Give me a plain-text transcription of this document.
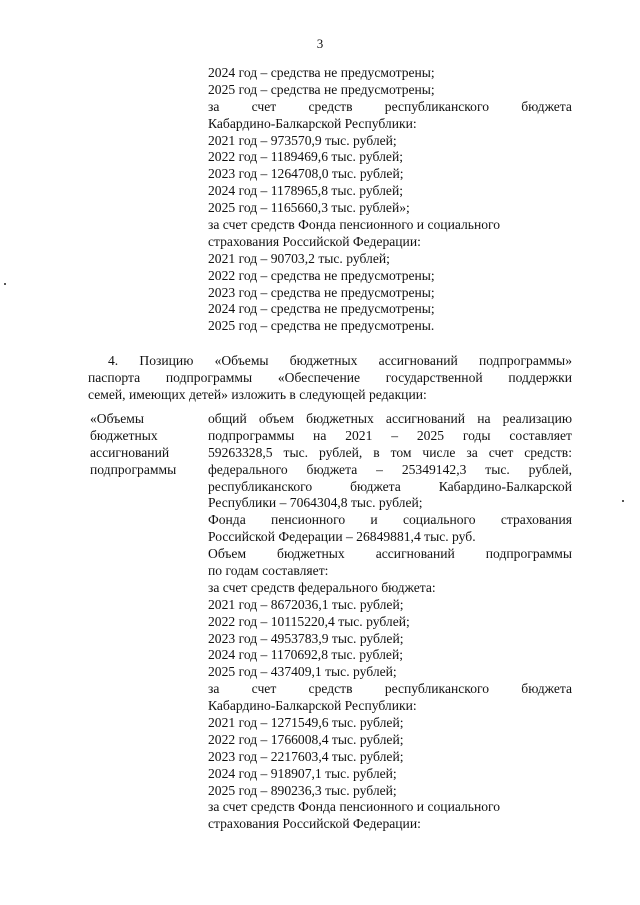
3
2024 год – средства не предусмотрены;
2025 год – средства не предусмотрены;
за счет средств республиканского бюджета
Кабардино-Балкарской Республики:
2021 год – 973570,9 тыс. рублей;
2022 год – 1189469,6 тыс. рублей;
2023 год – 1264708,0 тыс. рублей;
2024 год – 1178965,8 тыс. рублей;
2025 год – 1165660,3 тыс. рублей»;
за счет средств Фонда пенсионного и социального
страхования Российской Федерации:
2021 год – 90703,2 тыс. рублей;
2022 год – средства не предусмотрены;
2023 год – средства не предусмотрены;
2024 год – средства не предусмотрены;
2025 год – средства не предусмотрены.
4. Позицию «Объемы бюджетных ассигнований подпрограммы»
паспорта подпрограммы «Обеспечение государственной поддержки
семей, имеющих детей» изложить в следующей редакции:
«Объемы
бюджетных
ассигнований
подпрограммы
общий объем бюджетных ассигнований на реализацию
подпрограммы на 2021 – 2025 годы составляет
59263328,5 тыс. рублей, в том числе за счет средств:
федерального бюджета – 25349142,3 тыс. рублей,
республиканского бюджета Кабардино-Балкарской
Республики – 7064304,8 тыс. рублей;
Фонда пенсионного и социального страхования
Российской Федерации – 26849881,4 тыс. руб.
Объем бюджетных ассигнований подпрограммы
по годам составляет:
за счет средств федерального бюджета:
2021 год – 8672036,1 тыс. рублей;
2022 год – 10115220,4 тыс. рублей;
2023 год – 4953783,9 тыс. рублей;
2024 год – 1170692,8 тыс. рублей;
2025 год – 437409,1 тыс. рублей;
за счет средств республиканского бюджета
Кабардино-Балкарской Республики:
2021 год – 1271549,6 тыс. рублей;
2022 год – 1766008,4 тыс. рублей;
2023 год – 2217603,4 тыс. рублей;
2024 год – 918907,1 тыс. рублей;
2025 год – 890236,3 тыс. рублей;
за счет средств Фонда пенсионного и социального
страхования Российской Федерации:
